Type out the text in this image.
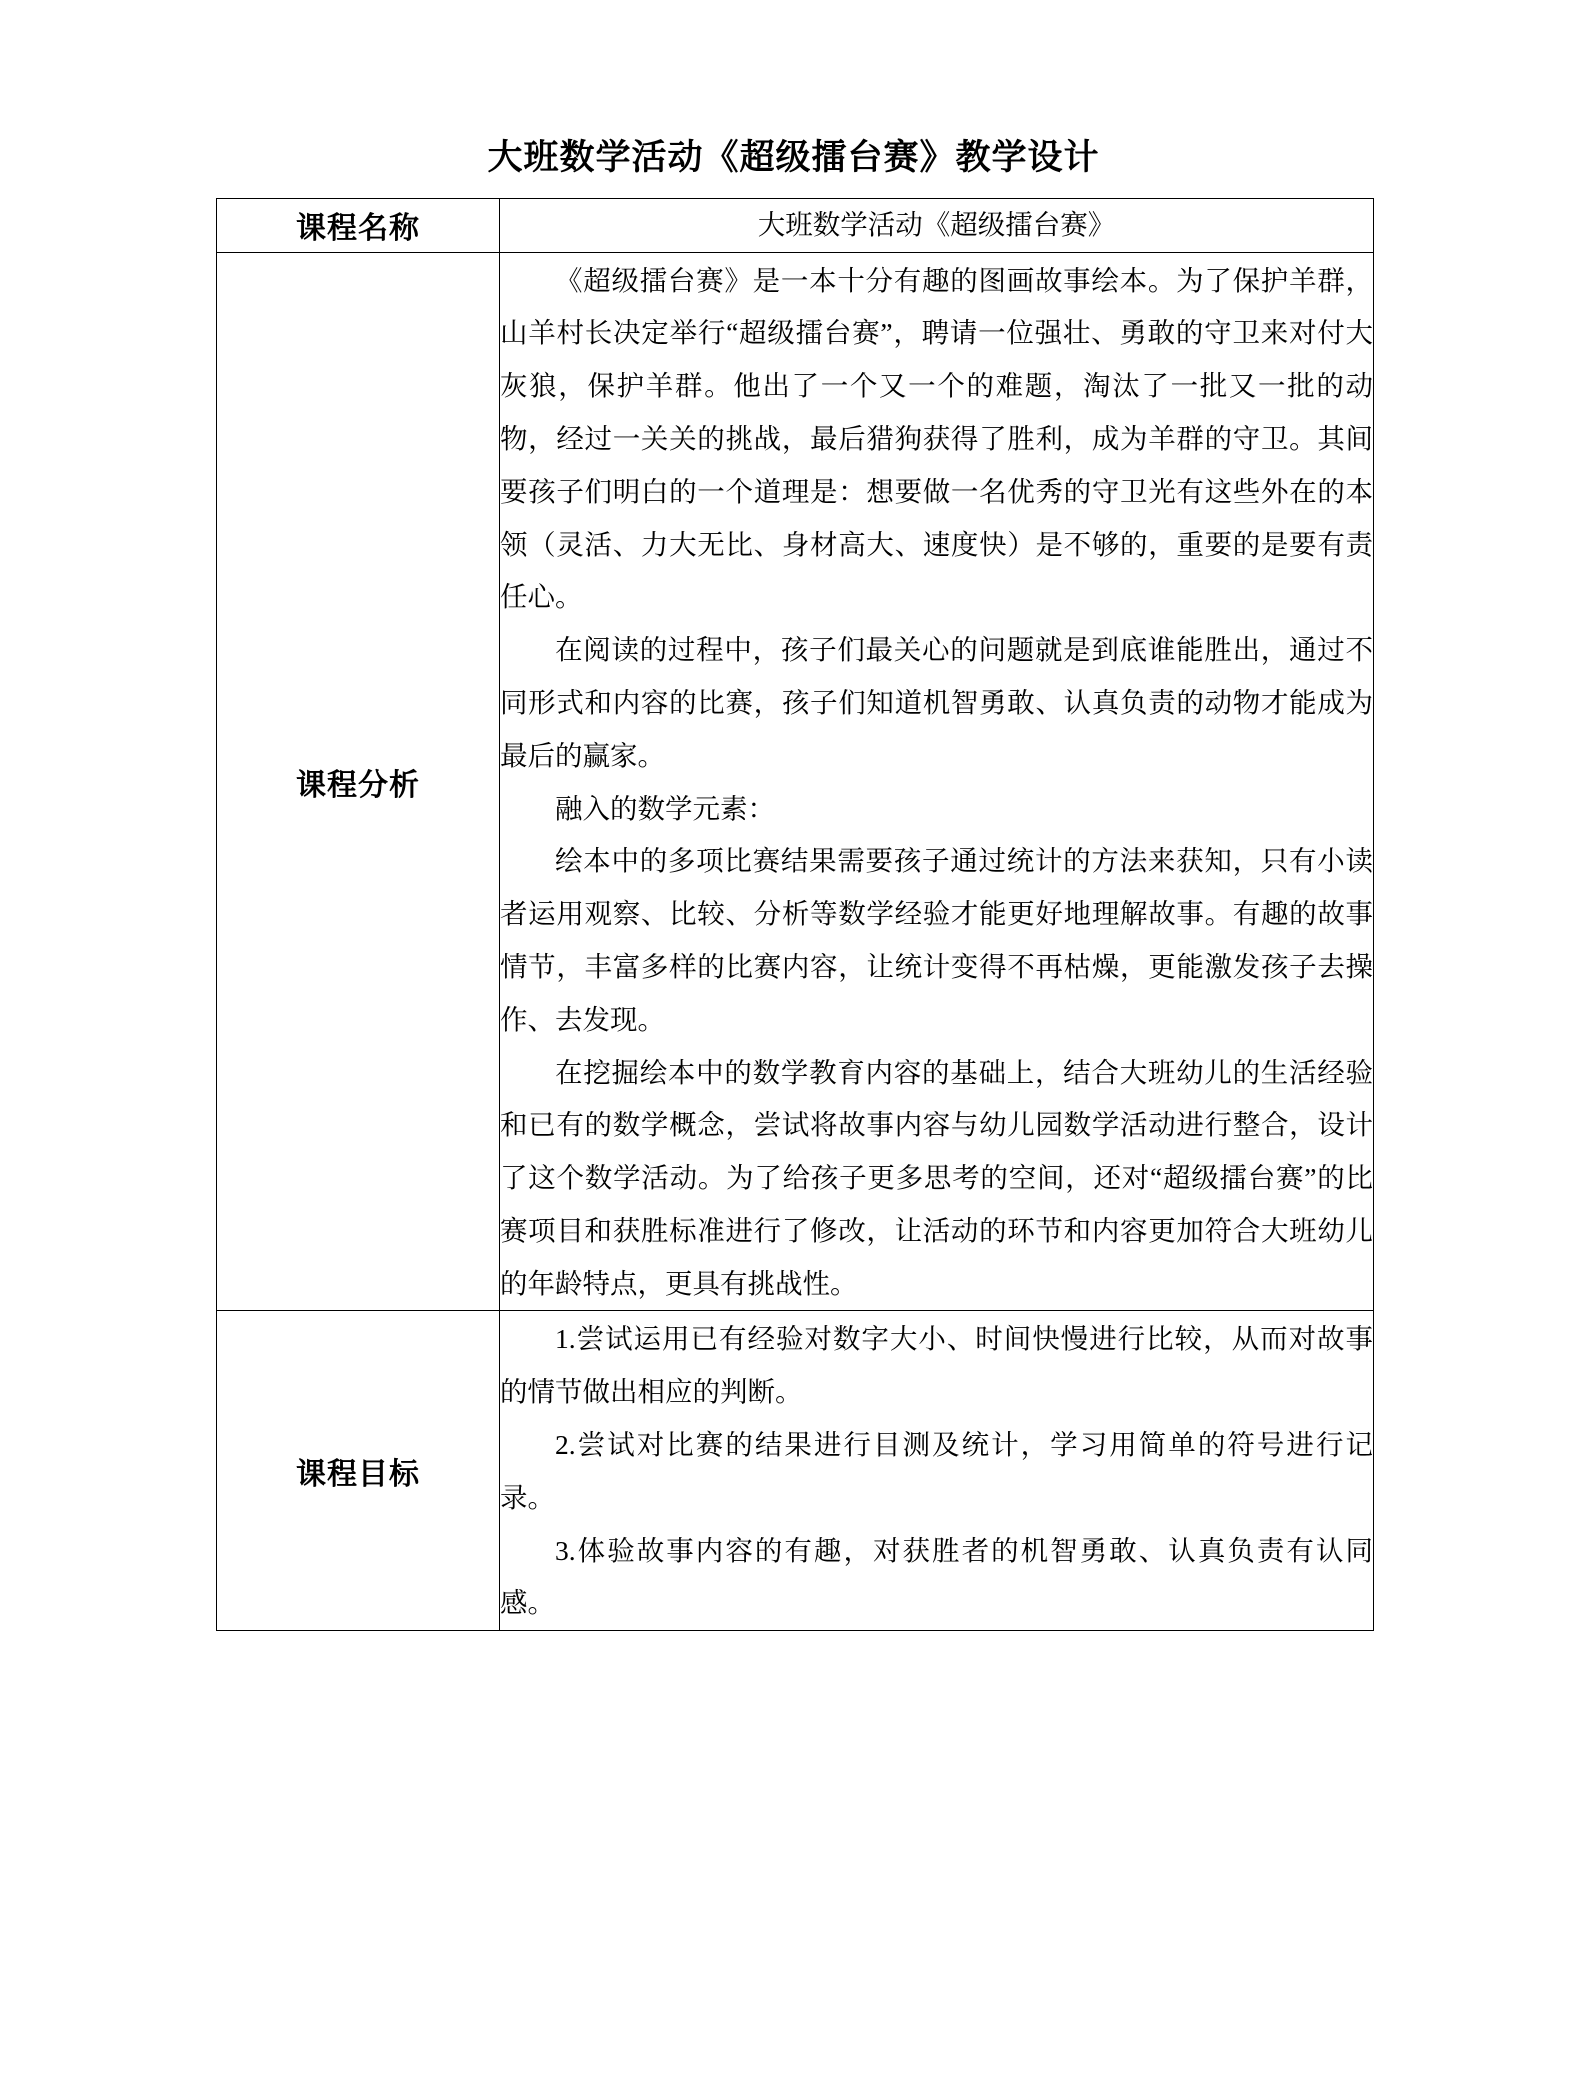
大班数学活动《超级擂台赛》教学设计
课程名称	大班数学活动《超级擂台赛》
课程分析	《超级擂台赛》是一本十分有趣的图画故事绘本。为了保护羊群，山羊村长决定举行“超级擂台赛”，聘请一位强壮、勇敢的守卫来对付大灰狼，保护羊群。他出了一个又一个的难题，淘汰了一批又一批的动物，经过一关关的挑战，最后猎狗获得了胜利，成为羊群的守卫。其间要孩子们明白的一个道理是：想要做一名优秀的守卫光有这些外在的本领（灵活、力大无比、身材高大、速度快）是不够的，重要的是要有责任心。

在阅读的过程中，孩子们最关心的问题就是到底谁能胜出，通过不同形式和内容的比赛，孩子们知道机智勇敢、认真负责的动物才能成为最后的赢家。

融入的数学元素：

绘本中的多项比赛结果需要孩子通过统计的方法来获知，只有小读者运用观察、比较、分析等数学经验才能更好地理解故事。有趣的故事情节，丰富多样的比赛内容，让统计变得不再枯燥，更能激发孩子去操作、去发现。

在挖掘绘本中的数学教育内容的基础上，结合大班幼儿的生活经验和已有的数学概念，尝试将故事内容与幼儿园数学活动进行整合，设计了这个数学活动。为了给孩子更多思考的空间，还对“超级擂台赛”的比赛项目和获胜标准进行了修改，让活动的环节和内容更加符合大班幼儿的年龄特点，更具有挑战性。

课程目标	1.尝试运用已有经验对数字大小、时间快慢进行比较，从而对故事的情节做出相应的判断。

2.尝试对比赛的结果进行目测及统计，学习用简单的符号进行记录。

3.体验故事内容的有趣，对获胜者的机智勇敢、认真负责有认同感。
